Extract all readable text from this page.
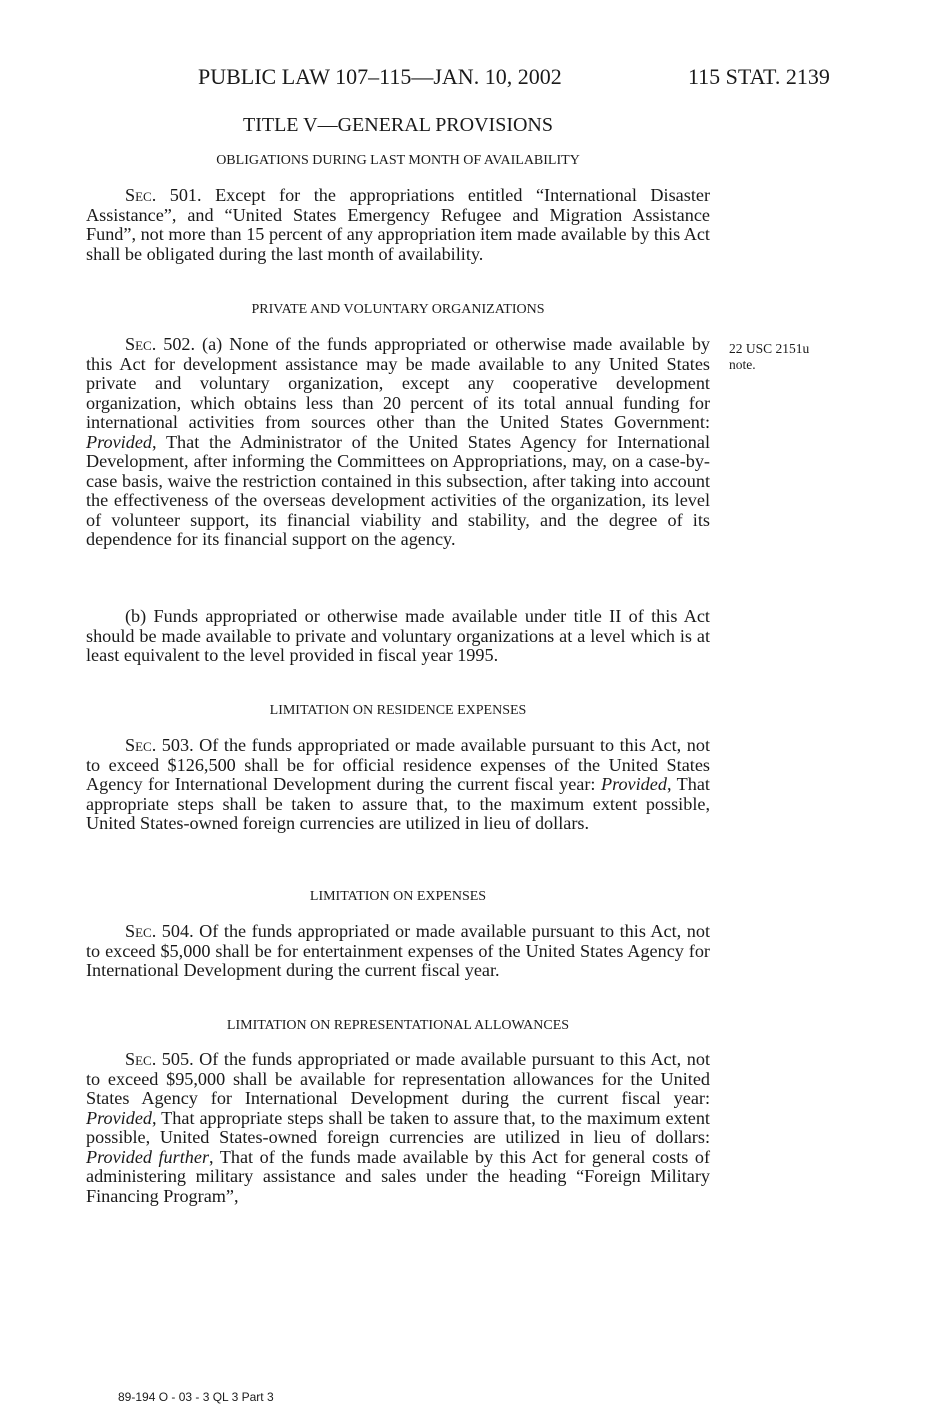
PUBLIC LAW 107–115—JAN. 10, 2002	115 STAT. 2139
TITLE V—GENERAL PROVISIONS
OBLIGATIONS DURING LAST MONTH OF AVAILABILITY

Sec. 501. Except for the appropriations entitled “International Disaster Assistance”, and “United States Emergency Refugee and Migration Assistance Fund”, not more than 15 percent of any appropriation item made available by this Act shall be obligated during the last month of availability.

PRIVATE AND VOLUNTARY ORGANIZATIONS

Sec. 502. (a) None of the funds appropriated or otherwise made available by this Act for development assistance may be made available to any United States private and voluntary organization, except any cooperative development organization, which obtains less than 20 percent of its total annual funding for international activities from sources other than the United States Government: Provided, That the Administrator of the United States Agency for International Development, after informing the Committees on Appropriations, may, on a case-by-case basis, waive the restriction contained in this subsection, after taking into account the effectiveness of the overseas development activities of the organization, its level of volunteer support, its financial viability and stability, and the degree of its dependence for its financial support on the agency.

(b) Funds appropriated or otherwise made available under title II of this Act should be made available to private and voluntary organizations at a level which is at least equivalent to the level provided in fiscal year 1995.

LIMITATION ON RESIDENCE EXPENSES

Sec. 503. Of the funds appropriated or made available pursuant to this Act, not to exceed $126,500 shall be for official residence expenses of the United States Agency for International Development during the current fiscal year: Provided, That appropriate steps shall be taken to assure that, to the maximum extent possible, United States-owned foreign currencies are utilized in lieu of dollars.

LIMITATION ON EXPENSES

Sec. 504. Of the funds appropriated or made available pursuant to this Act, not to exceed $5,000 shall be for entertainment expenses of the United States Agency for International Development during the current fiscal year.

LIMITATION ON REPRESENTATIONAL ALLOWANCES

Sec. 505. Of the funds appropriated or made available pursuant to this Act, not to exceed $95,000 shall be available for representation allowances for the United States Agency for International Development during the current fiscal year: Provided, That appropriate steps shall be taken to assure that, to the maximum extent possible, United States-owned foreign currencies are utilized in lieu of dollars: Provided further, That of the funds made available by this Act for general costs of administering military assistance and sales under the heading “Foreign Military Financing Program”,

22 USC 2151u
note.
89-194 O - 03 - 3 QL 3 Part 3
